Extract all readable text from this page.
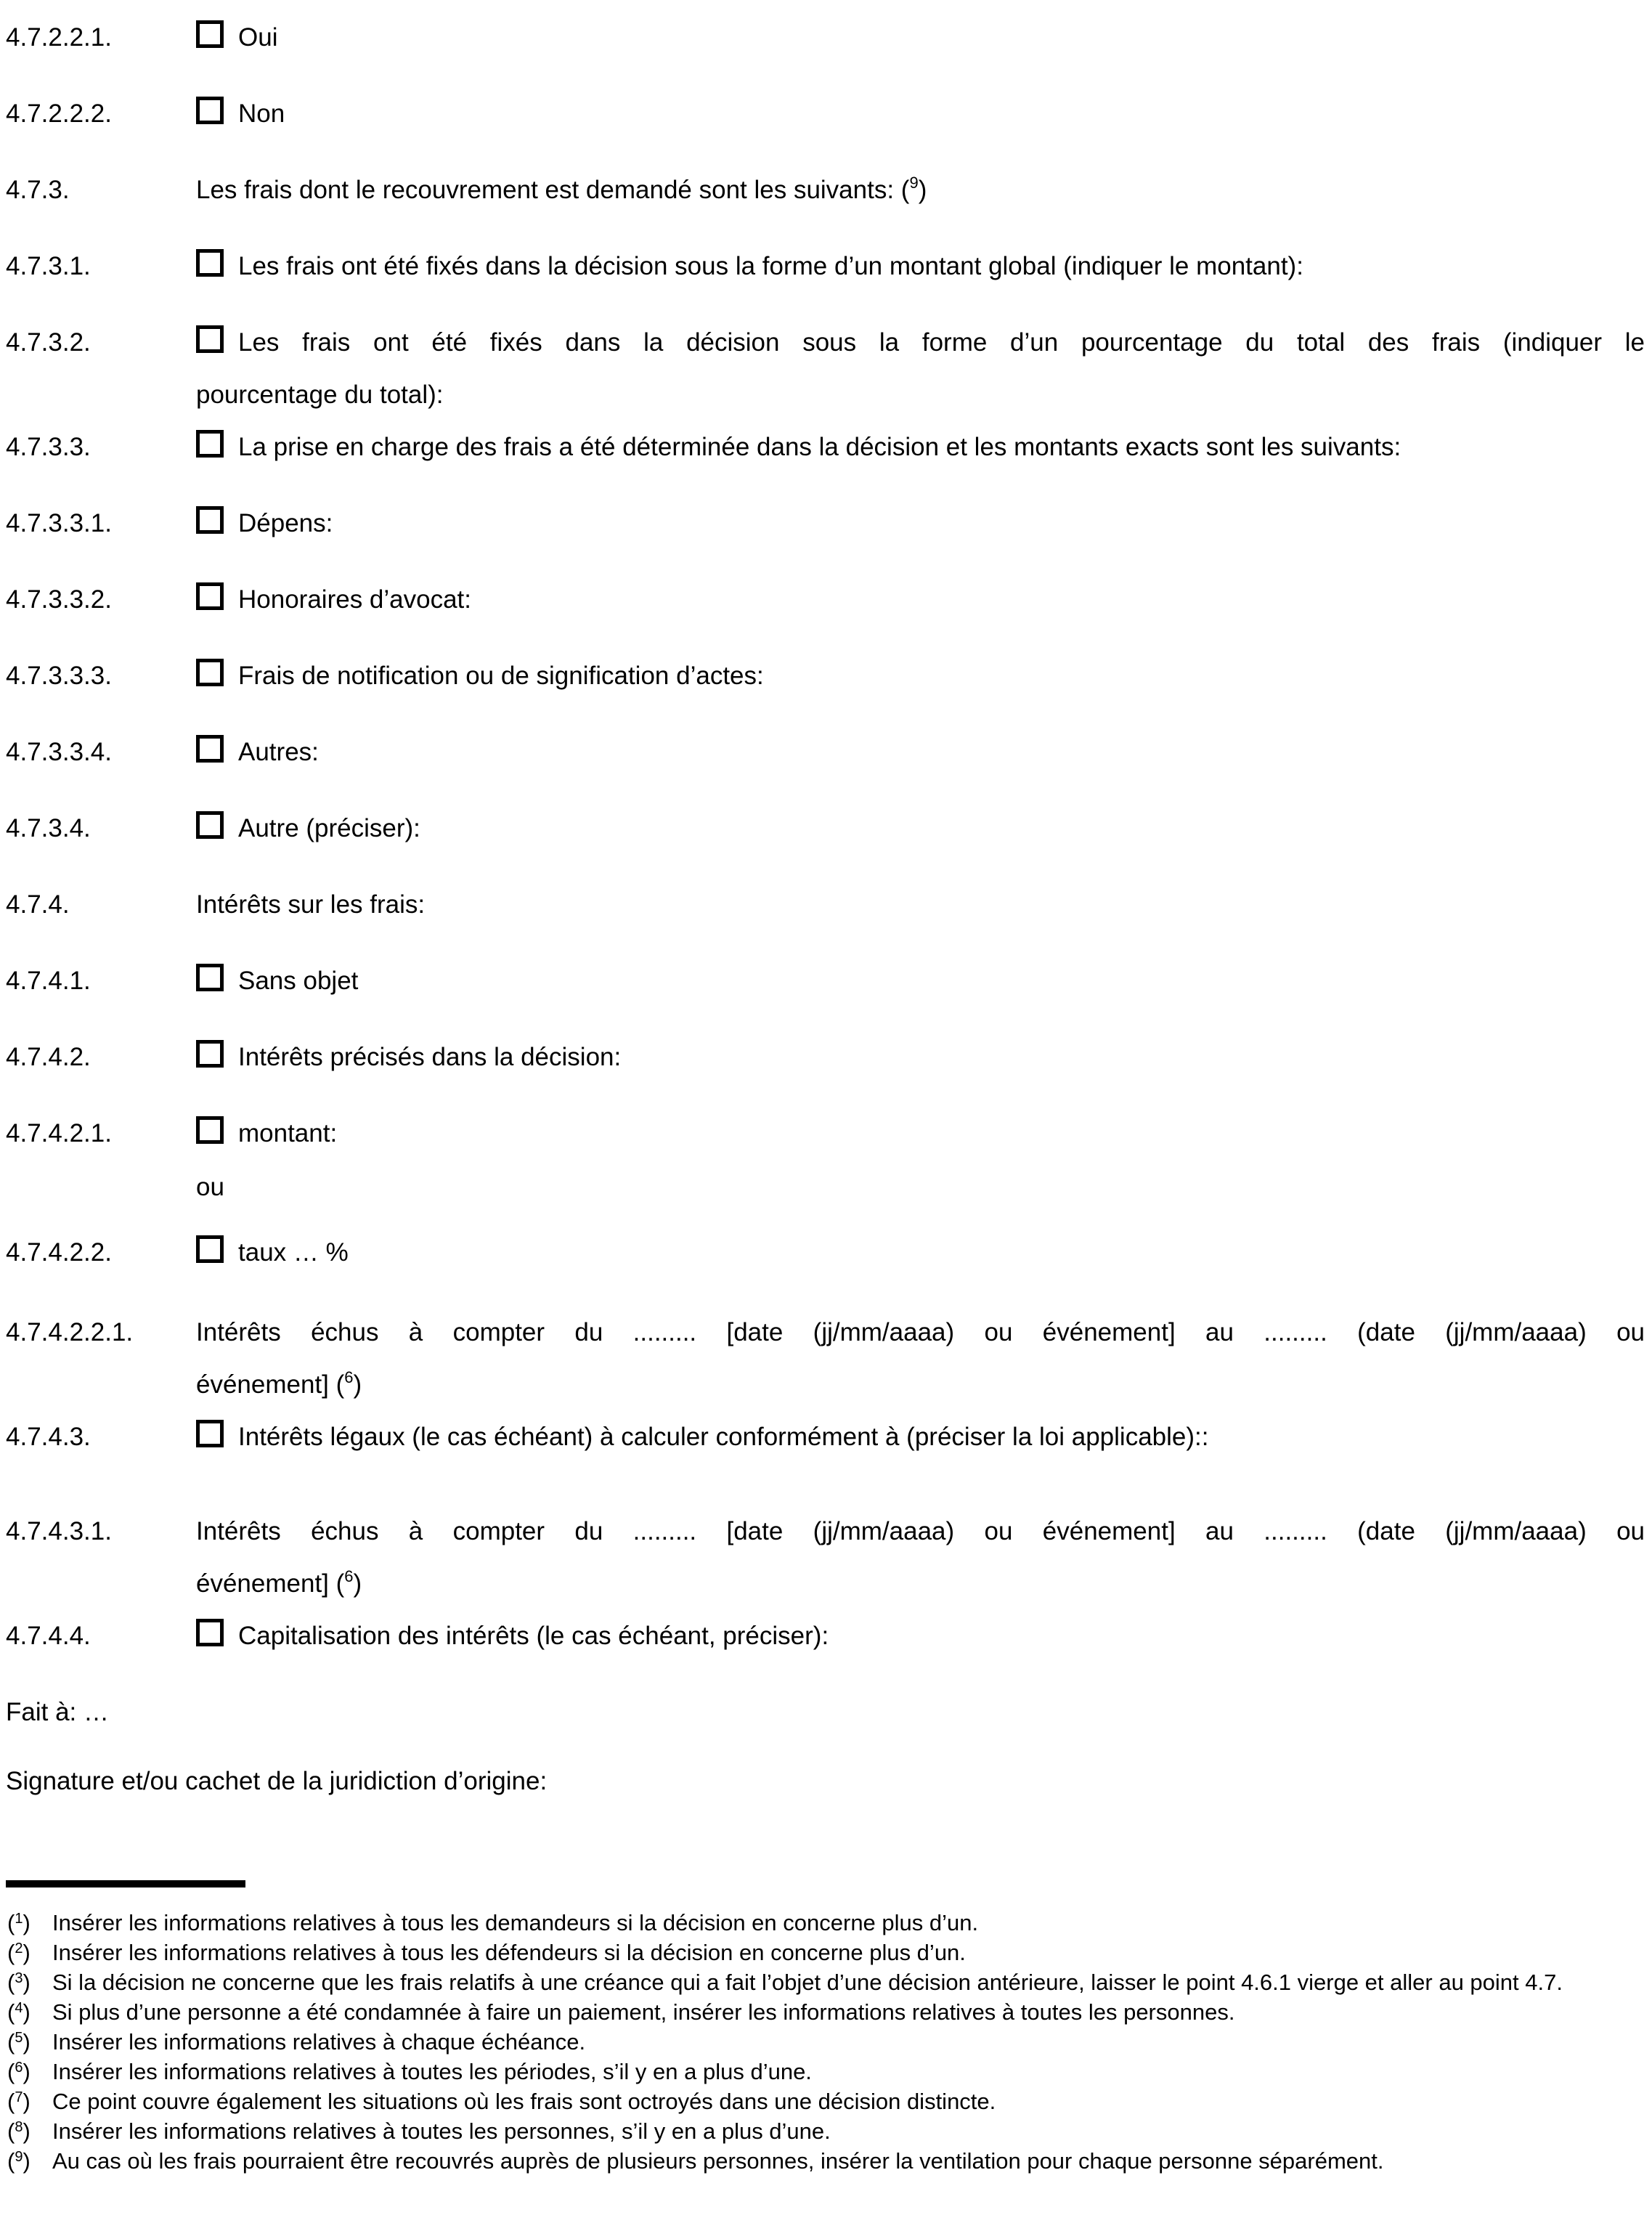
4.7.2.2.1.	Oui
4.7.2.2.2.	Non
4.7.3.	Les frais dont le recouvrement est demandé sont les suivants: ($^9$)
4.7.3.1.	Les frais ont été fixés dans la décision sous la forme d’un montant global (indiquer le montant):
4.7.3.2.	Les frais ont été fixés dans la décision sous la forme d’un pourcentage du total des frais (indiquer le
pourcentage du total):
4.7.3.3.	La prise en charge des frais a été déterminée dans la décision et les montants exacts sont les suivants:
4.7.3.3.1.	Dépens:
4.7.3.3.2.	Honoraires d’avocat:
4.7.3.3.3.	Frais de notification ou de signification d’actes:
4.7.3.3.4.	Autres:
4.7.3.4.	Autre (préciser):
4.7.4.	Intérêts sur les frais:
4.7.4.1.	Sans objet
4.7.4.2.	Intérêts précisés dans la décision:
4.7.4.2.1.	montant:
ou
4.7.4.2.2.	taux … %
4.7.4.2.2.1.	Intérêts échus à compter du ......... [date (jj/mm/aaaa) ou événement] au ......... (date (jj/mm/aaaa) ou
événement] ($^6$)
4.7.4.3.	Intérêts légaux (le cas échéant) à calculer conformément à (préciser la loi applicable)::
4.7.4.3.1.	Intérêts échus à compter du ......... [date (jj/mm/aaaa) ou événement] au ......... (date (jj/mm/aaaa) ou
événement] ($^6$)
4.7.4.4.	Capitalisation des intérêts (le cas échéant, préciser):
Fait à: …
Signature et/ou cachet de la juridiction d’origine:
($^1$) Insérer les informations relatives à tous les demandeurs si la décision en concerne plus d’un.
($^2$) Insérer les informations relatives à tous les défendeurs si la décision en concerne plus d’un.
($^3$) Si la décision ne concerne que les frais relatifs à une créance qui a fait l’objet d’une décision antérieure, laisser le point 4.6.1 vierge et aller au point 4.7.
($^4$) Si plus d’une personne a été condamnée à faire un paiement, insérer les informations relatives à toutes les personnes.
($^5$) Insérer les informations relatives à chaque échéance.
($^6$) Insérer les informations relatives à toutes les périodes, s’il y en a plus d’une.
($^7$) Ce point couvre également les situations où les frais sont octroyés dans une décision distincte.
($^8$) Insérer les informations relatives à toutes les personnes, s’il y en a plus d’une.
($^9$) Au cas où les frais pourraient être recouvrés auprès de plusieurs personnes, insérer la ventilation pour chaque personne séparément.
